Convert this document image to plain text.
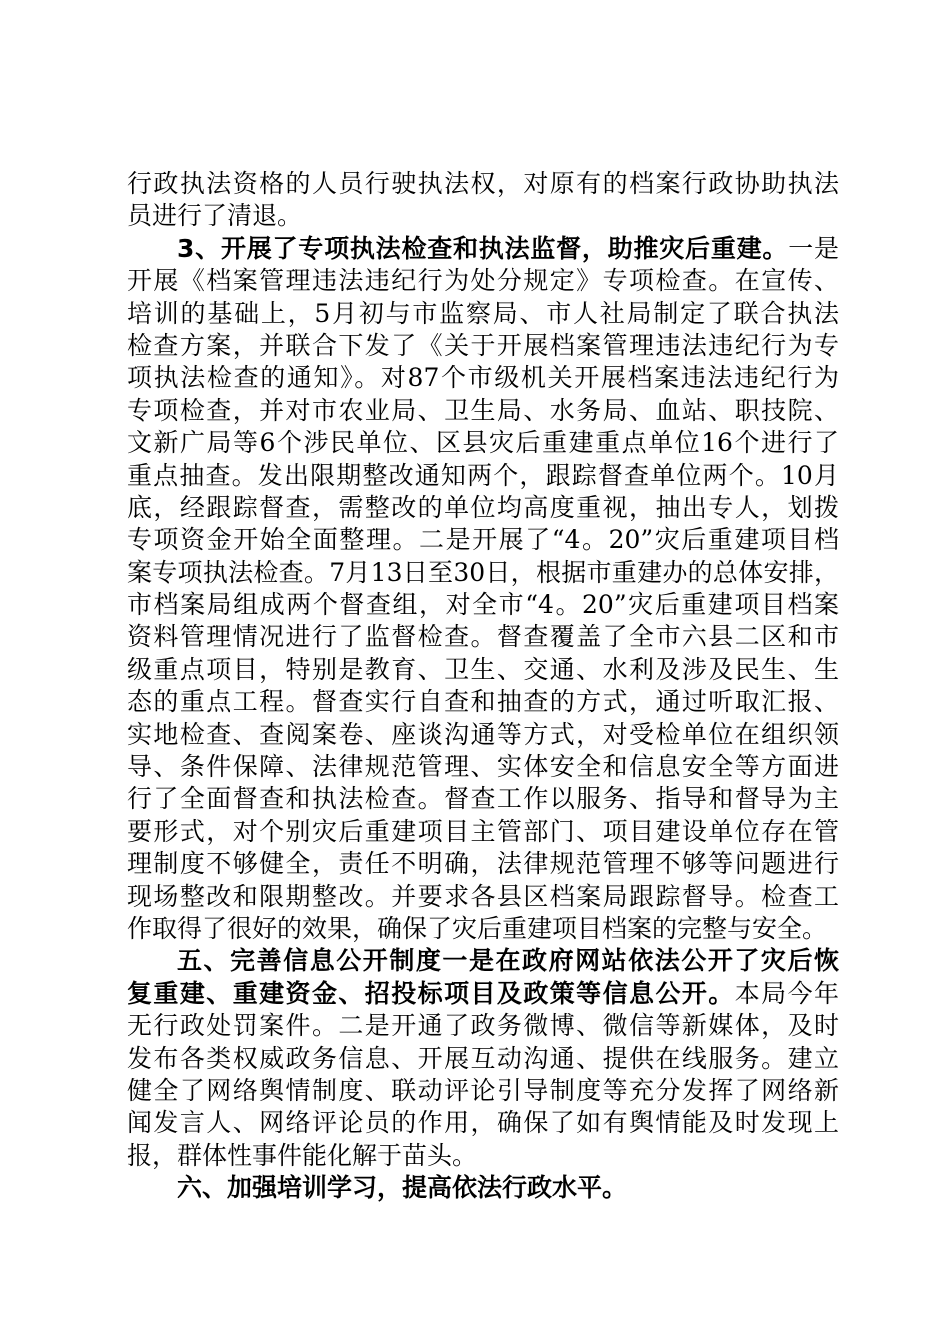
行政执法资格的人员行驶执法权，对原有的档案行政协助执法
员进行了清退。
3、开展了专项执法检查和执法监督，助推灾后重建。一是
开展《档案管理违法违纪行为处分规定》专项检查。在宣传、
培训的基础上，5月初与市监察局、市人社局制定了联合执法
检查方案，并联合下发了《关于开展档案管理违法违纪行为专
项执法检查的通知》。对87个市级机关开展档案违法违纪行为
专项检查，并对市农业局、卫生局、水务局、血站、职技院、
文新广局等6个涉民单位、区县灾后重建重点单位16个进行了
重点抽查。发出限期整改通知两个，跟踪督查单位两个。10月
底，经跟踪督查，需整改的单位均高度重视，抽出专人，划拨
专项资金开始全面整理。二是开展了“4。20”灾后重建项目档
案专项执法检查。7月13日至30日，根据市重建办的总体安排，
市档案局组成两个督查组，对全市“4。20”灾后重建项目档案
资料管理情况进行了监督检查。督查覆盖了全市六县二区和市
级重点项目，特别是教育、卫生、交通、水利及涉及民生、生
态的重点工程。督查实行自查和抽查的方式，通过听取汇报、
实地检查、查阅案卷、座谈沟通等方式，对受检单位在组织领
导、条件保障、法律规范管理、实体安全和信息安全等方面进
行了全面督查和执法检查。督查工作以服务、指导和督导为主
要形式，对个别灾后重建项目主管部门、项目建设单位存在管
理制度不够健全，责任不明确，法律规范管理不够等问题进行
现场整改和限期整改。并要求各县区档案局跟踪督导。检查工
作取得了很好的效果，确保了灾后重建项目档案的完整与安全。
五、完善信息公开制度一是在政府网站依法公开了灾后恢
复重建、重建资金、招投标项目及政策等信息公开。本局今年
无行政处罚案件。二是开通了政务微博、微信等新媒体，及时
发布各类权威政务信息、开展互动沟通、提供在线服务。建立
健全了网络舆情制度、联动评论引导制度等充分发挥了网络新
闻发言人、网络评论员的作用，确保了如有舆情能及时发现上
报，群体性事件能化解于苗头。
六、加强培训学习，提高依法行政水平。
